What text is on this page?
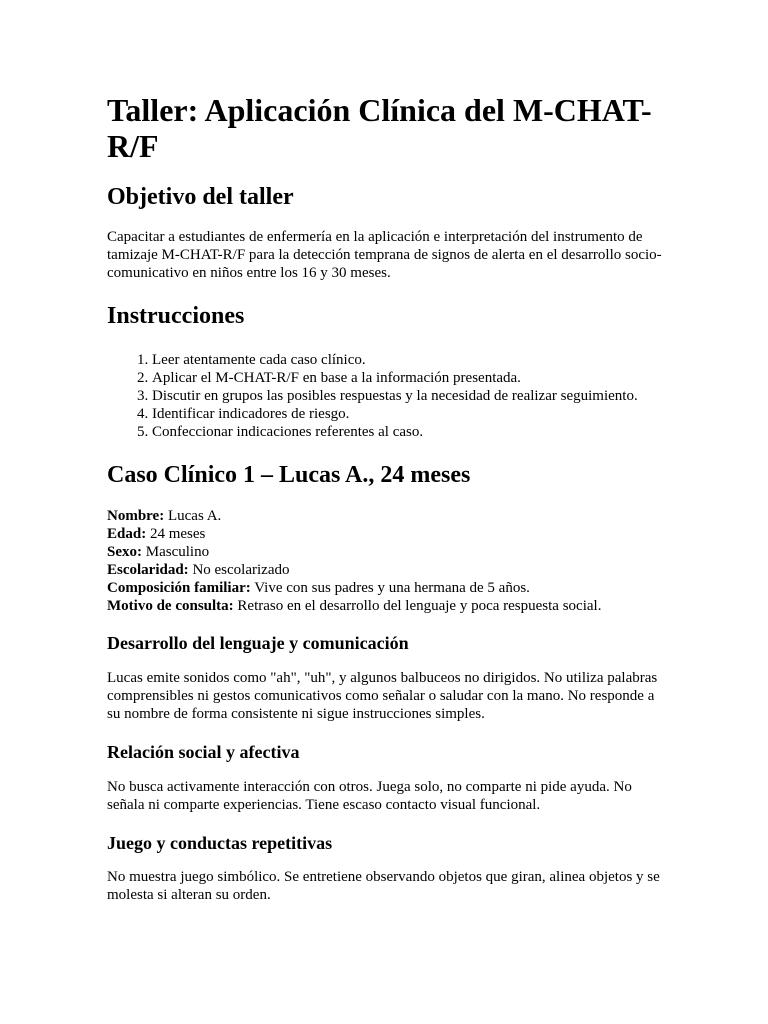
Taller: Aplicación Clínica del M-CHAT-R/F
Objetivo del taller

Capacitar a estudiantes de enfermería en la aplicación e interpretación del instrumento de tamizaje M-CHAT-R/F para la detección temprana de signos de alerta en el desarrollo socio-comunicativo en niños entre los 16 y 30 meses.

Instrucciones
1. Leer atentamente cada caso clínico.
2. Aplicar el M-CHAT-R/F en base a la información presentada.
3. Discutir en grupos las posibles respuestas y la necesidad de realizar seguimiento.
4. Identificar indicadores de riesgo.
5. Confeccionar indicaciones referentes al caso.
Caso Clínico 1 – Lucas A., 24 meses

Nombre: Lucas A.
Edad: 24 meses
Sexo: Masculino
Escolaridad: No escolarizado
Composición familiar: Vive con sus padres y una hermana de 5 años.
Motivo de consulta: Retraso en el desarrollo del lenguaje y poca respuesta social.

Desarrollo del lenguaje y comunicación

Lucas emite sonidos como "ah", "uh", y algunos balbuceos no dirigidos. No utiliza palabras comprensibles ni gestos comunicativos como señalar o saludar con la mano. No responde a su nombre de forma consistente ni sigue instrucciones simples.

Relación social y afectiva

No busca activamente interacción con otros. Juega solo, no comparte ni pide ayuda. No señala ni comparte experiencias. Tiene escaso contacto visual funcional.

Juego y conductas repetitivas

No muestra juego simbólico. Se entretiene observando objetos que giran, alinea objetos y se molesta si alteran su orden.
